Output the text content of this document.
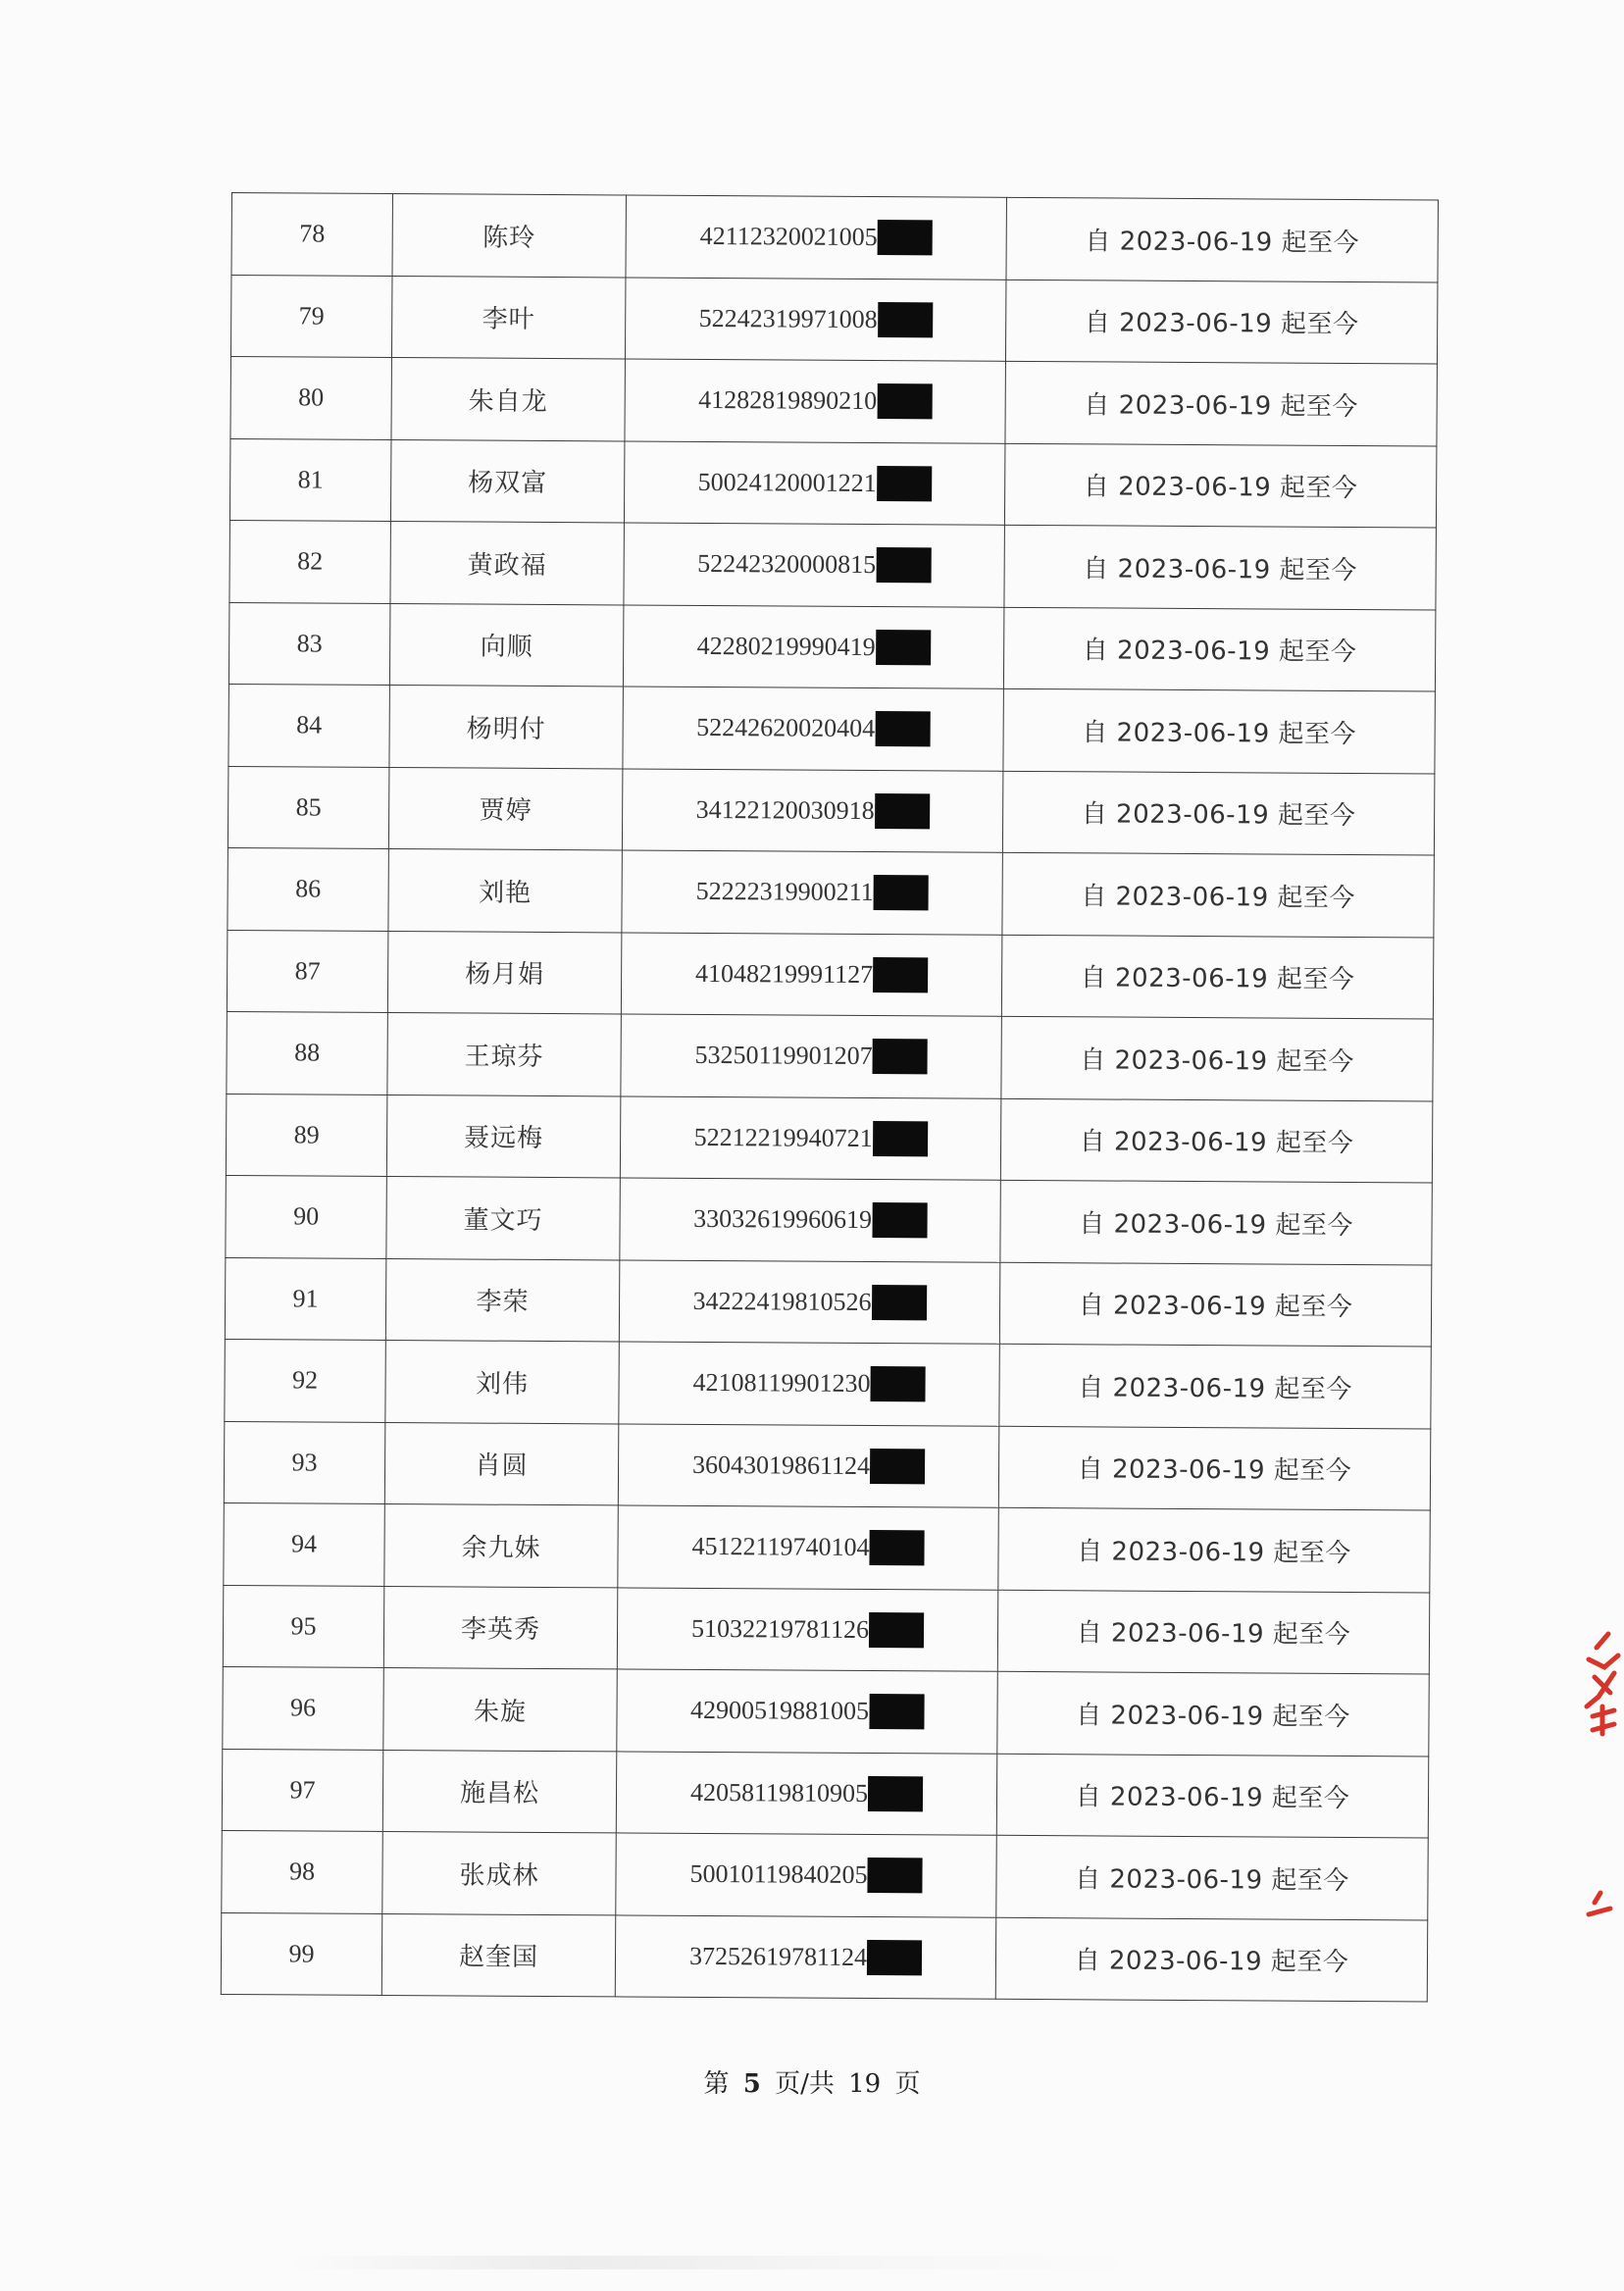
78	陈玲	42112320021005	自 2023-06-19 起至今
79	李叶	52242319971008	自 2023-06-19 起至今
80	朱自龙	41282819890210	自 2023-06-19 起至今
81	杨双富	50024120001221	自 2023-06-19 起至今
82	黄政福	52242320000815	自 2023-06-19 起至今
83	向顺	42280219990419	自 2023-06-19 起至今
84	杨明付	52242620020404	自 2023-06-19 起至今
85	贾婷	34122120030918	自 2023-06-19 起至今
86	刘艳	52222319900211	自 2023-06-19 起至今
87	杨月娟	41048219991127	自 2023-06-19 起至今
88	王琼芬	53250119901207	自 2023-06-19 起至今
89	聂远梅	52212219940721	自 2023-06-19 起至今
90	董文巧	33032619960619	自 2023-06-19 起至今
91	李荣	34222419810526	自 2023-06-19 起至今
92	刘伟	42108119901230	自 2023-06-19 起至今
93	肖圆	36043019861124	自 2023-06-19 起至今
94	余九妹	45122119740104	自 2023-06-19 起至今
95	李英秀	51032219781126	自 2023-06-19 起至今
96	朱旋	42900519881005	自 2023-06-19 起至今
97	施昌松	42058119810905	自 2023-06-19 起至今
98	张成林	50010119840205	自 2023-06-19 起至今
99	赵奎国	37252619781124	自 2023-06-19 起至今
第 5 页/共 19 页
